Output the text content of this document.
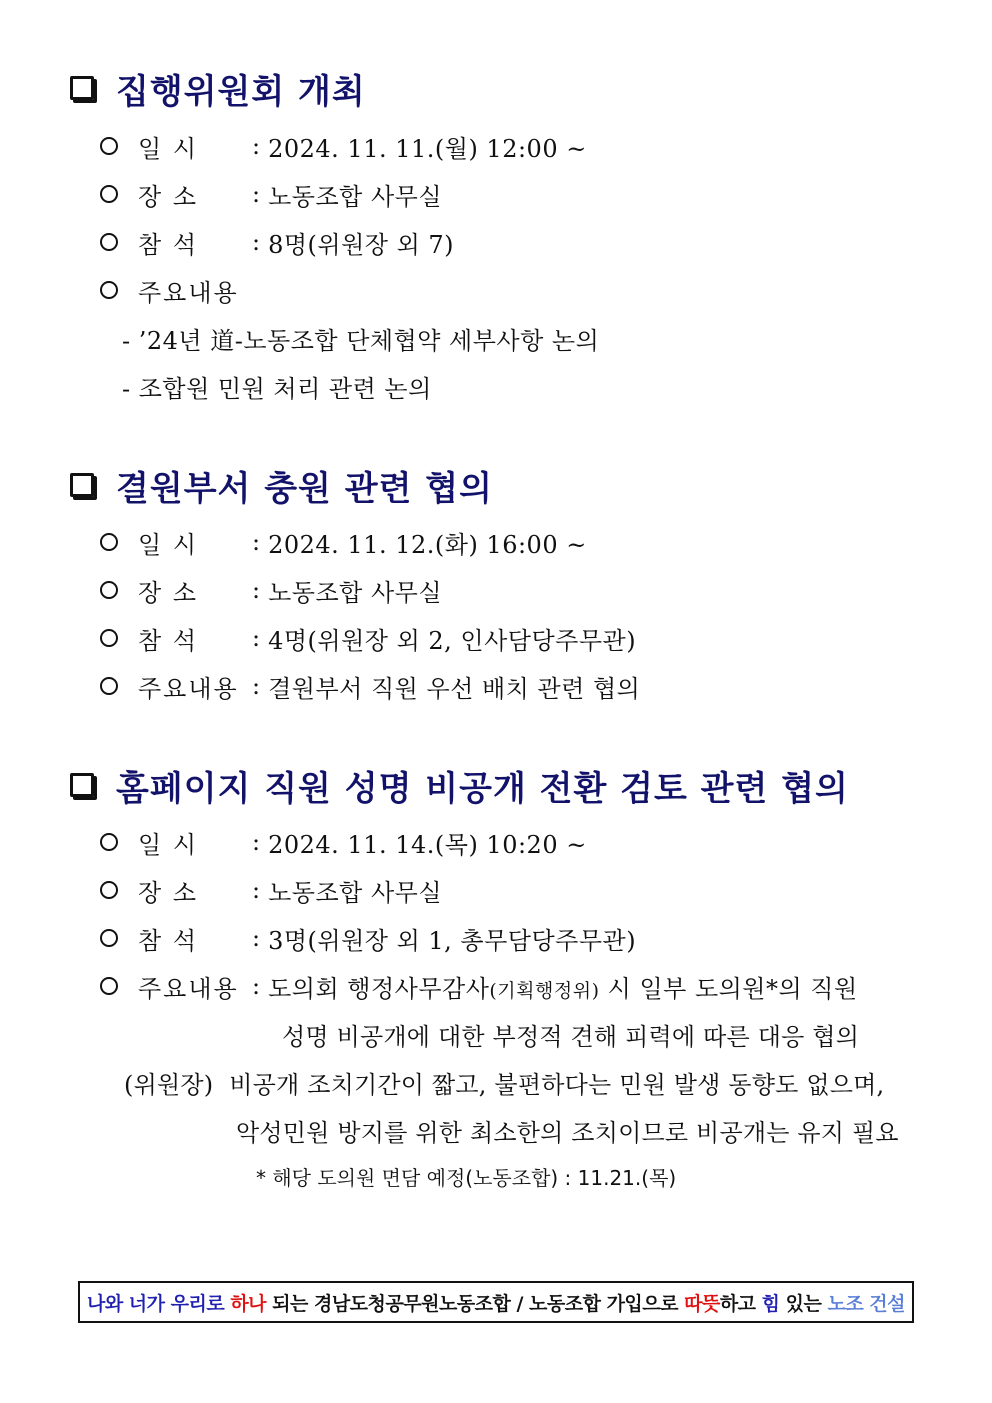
집행위원회 개최
일 시	: 2024. 11. 11.(월) 12:00 ~
장 소	: 노동조합 사무실
참 석	: 8명(위원장 외 7)
주요내용
- ’24년 道-노동조합 단체협약 세부사항 논의
- 조합원 민원 처리 관련 논의
결원부서 충원 관련 협의
일 시	: 2024. 11. 12.(화) 16:00 ~
장 소	: 노동조합 사무실
참 석	: 4명(위원장 외 2, 인사담당주무관)
주요내용 : 결원부서 직원 우선 배치 관련 협의
홈페이지 직원 성명 비공개 전환 검토 관련 협의
일 시	: 2024. 11. 14.(목) 10:20 ~
장 소	: 노동조합 사무실
참 석	: 3명(위원장 외 1, 총무담당주무관)
주요내용 : 도의회 행정사무감사(기획행정위) 시 일부 도의원*의 직원
성명 비공개에 대한 부정적 견해 피력에 따른 대응 협의
(위원장) 비공개 조치기간이 짧고, 불편하다는 민원 발생 동향도 없으며,
악성민원 방지를 위한 최소한의 조치이므로 비공개는 유지 필요
* 해당 도의원 면담 예정(노동조합) : 11.21.(목)
나와 너가 우리로 하나 되는 경남도청공무원노동조합 / 노동조합 가입으로 따뜻 하고 힘 있는 노조 건설
